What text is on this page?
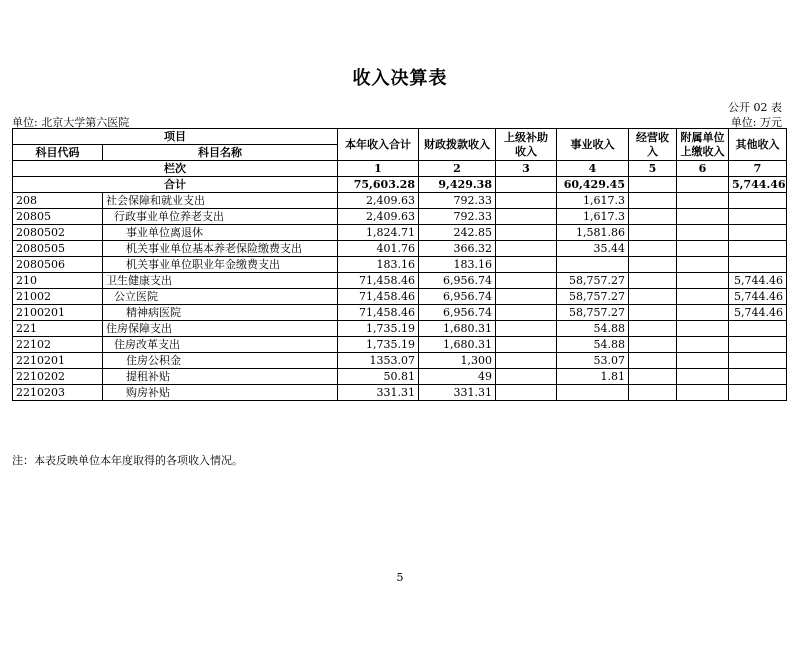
收入决算表
公开 02 表
单位: 北京大学第六医院	单位: 万元
项目		本年收入合计	财政拨款收入	上级补助收入	事业收入	经营收入	附属单位上缴收入	其他收入
科目代码	科目名称							
栏次		1	2	3	4	5	6	7
合计		75,603.28	9,429.38		60,429.45			5,744.46
208	社会保障和就业支出	2,409.63	792.33		1,617.3			
20805	行政事业单位养老支出	2,409.63	792.33		1,617.3			
2080502	事业单位离退休	1,824.71	242.85		1,581.86			
2080505	机关事业单位基本养老保险缴费支出	401.76	366.32		35.44			
2080506	机关事业单位职业年金缴费支出	183.16	183.16					
210	卫生健康支出	71,458.46	6,956.74		58,757.27			5,744.46
21002	公立医院	71,458.46	6,956.74		58,757.27			5,744.46
2100201	精神病医院	71,458.46	6,956.74		58,757.27			5,744.46
221	住房保障支出	1,735.19	1,680.31		54.88			
22102	住房改革支出	1,735.19	1,680.31		54.88			
2210201	住房公积金	1353.07	1,300		53.07			
2210202	提租补贴	50.81	49		1.81			
2210203	购房补贴	331.31	331.31					
注：本表反映单位本年度取得的各项收入情况。
5
